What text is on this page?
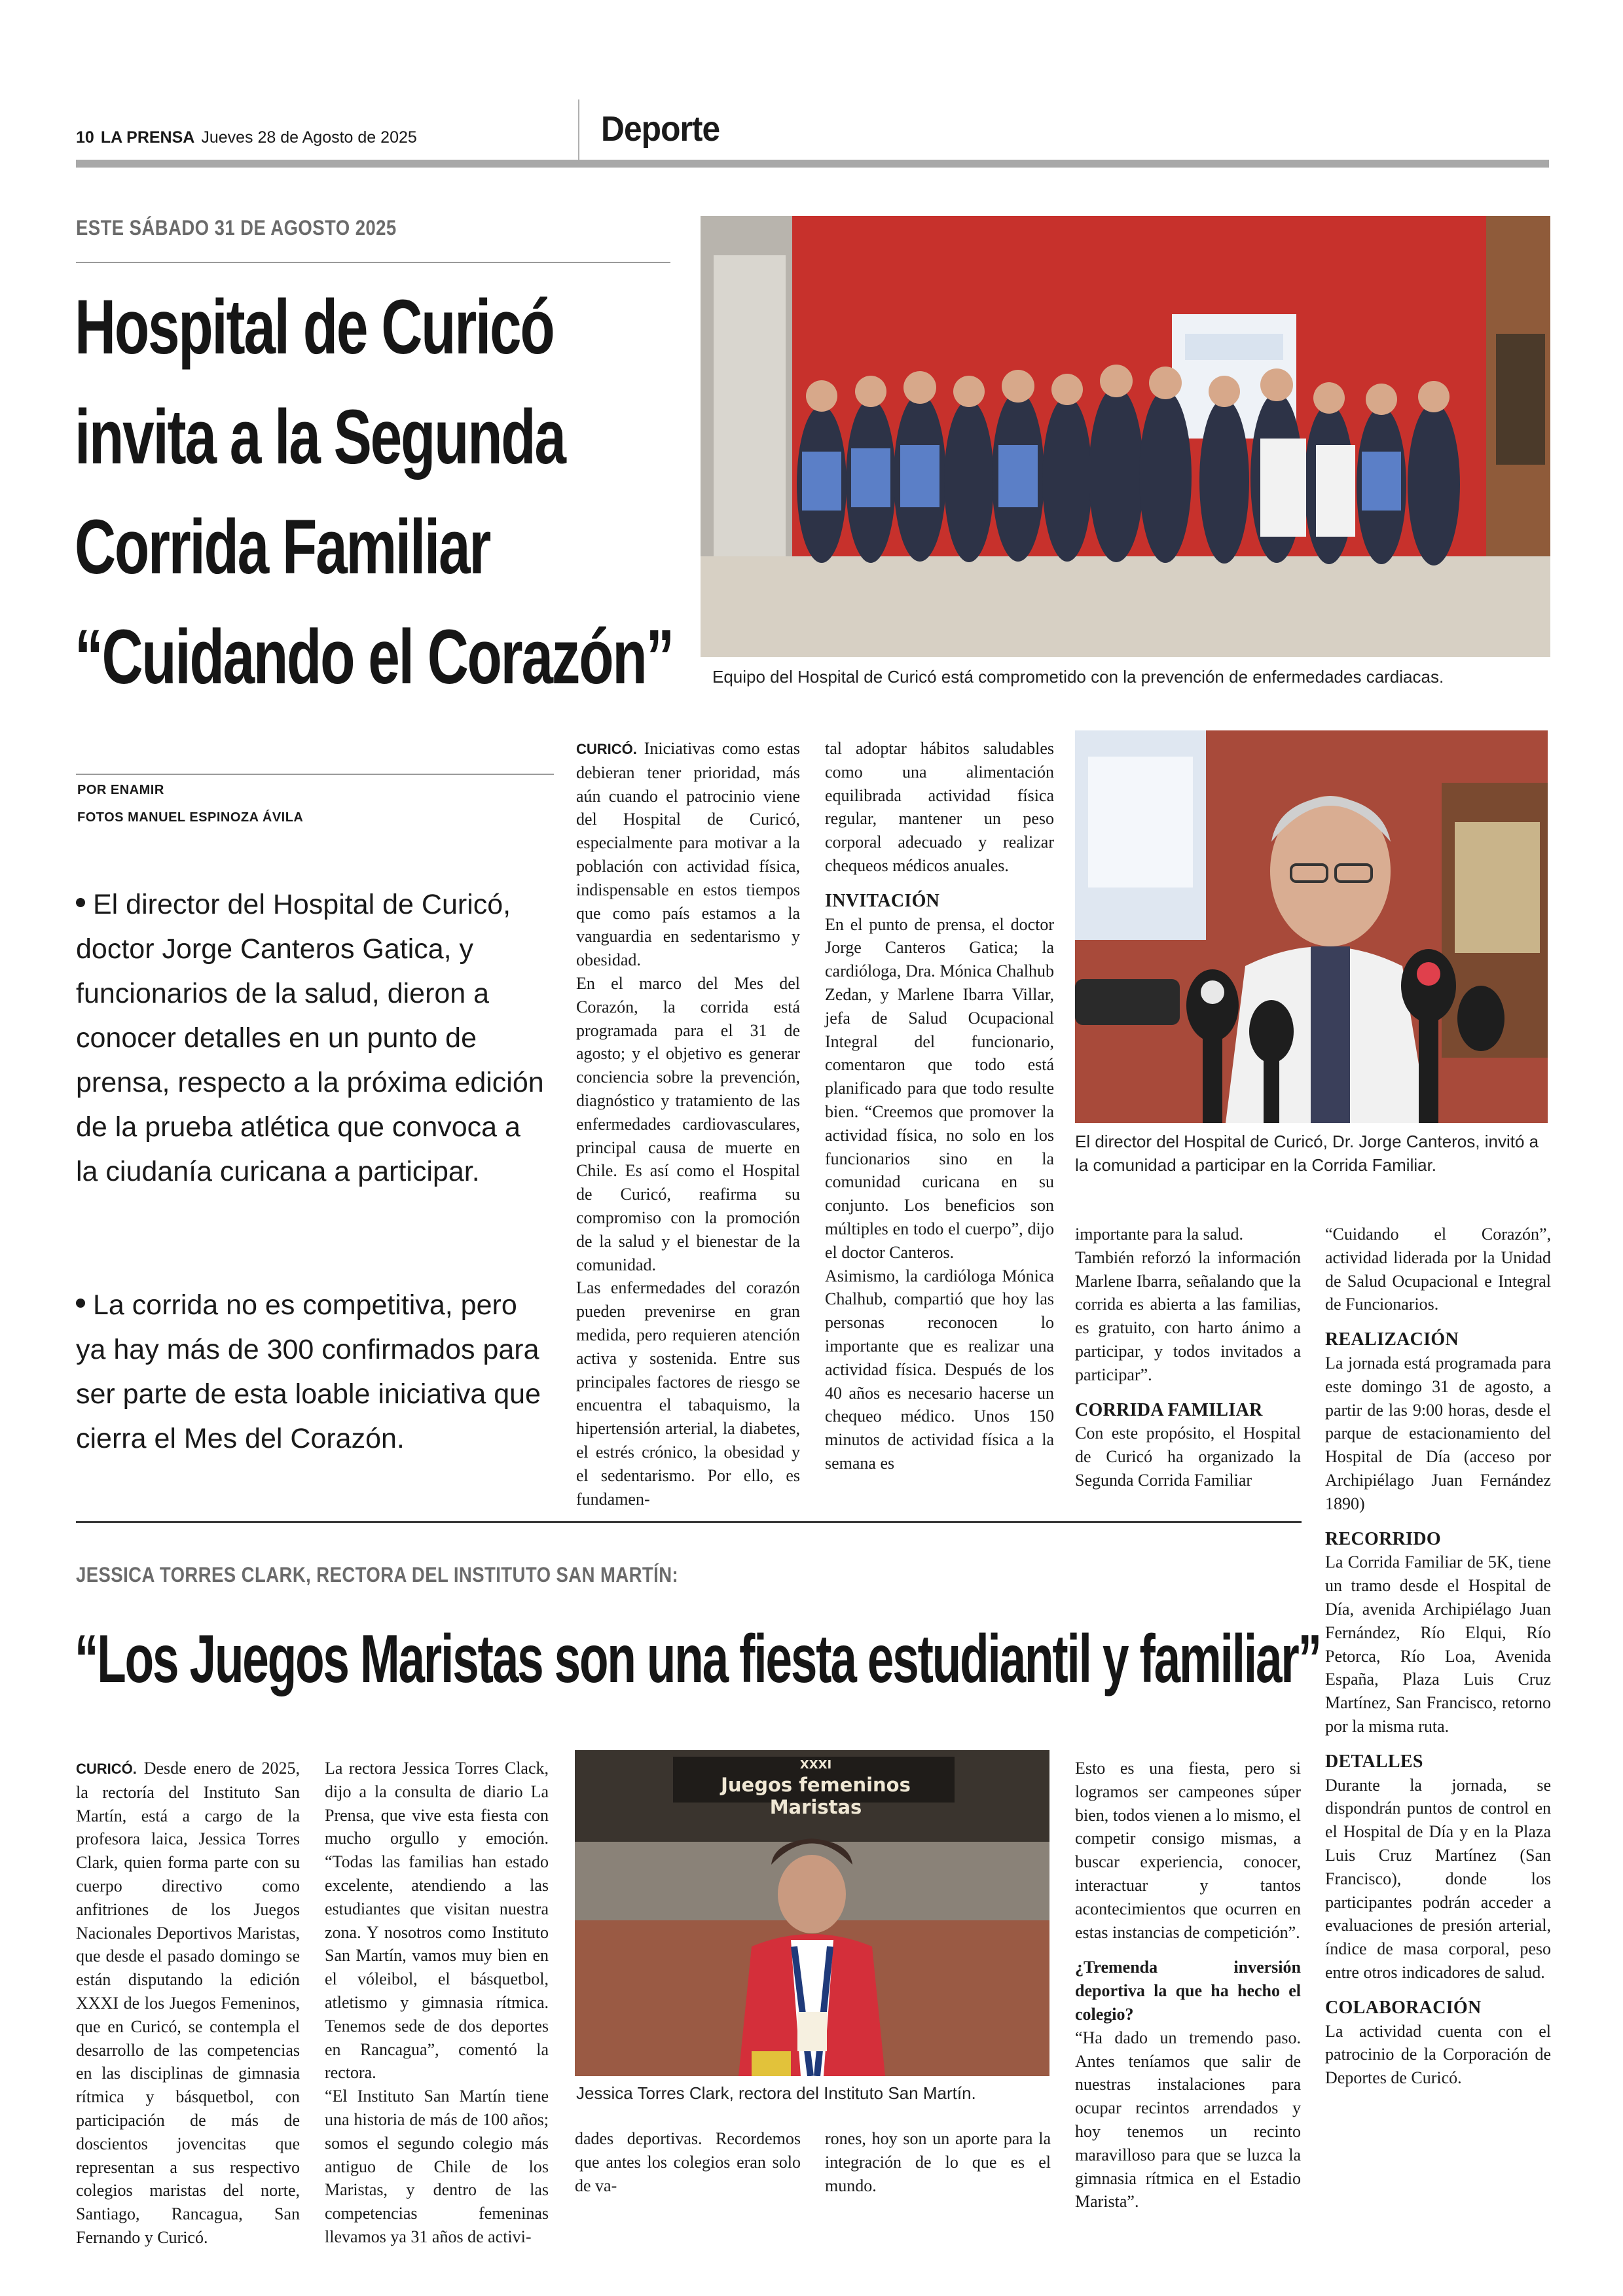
10 LA PRENSA Jueves 28 de Agosto de 2025	Deporte
ESTE SÁBADO 31 DE AGOSTO 2025
Hospital de Curicó
invita a la Segunda
Corrida Familiar
“Cuidando el Corazón” Equipo del Hospital de Curicó está comprometido con la prevención de enfermedades cardiacas.
POR ENAMIR
FOTOS MANUEL ESPINOZA ÁVILA
El director del Hospital de Curicó, doctor Jorge Canteros Gatica, y funcionarios de la salud, dieron a conocer detalles en un punto de prensa, respecto a la próxima edición de la prueba atlética que convoca a la ciudanía curicana a participar.
La corrida no es competitiva, pero ya hay más de 300 confirmados para ser parte de esta loable iniciativa que cierra el Mes del Corazón.

CURICÓ. Iniciativas como estas debieran tener prioridad, más aún cuando el patrocinio viene del Hospital de Curicó, especialmente para motivar a la población con actividad física, indispensable en estos tiempos que como país estamos a la vanguardia en sedentarismo y obesidad.

En el marco del Mes del Corazón, la corrida está programada para el 31 de agosto; y el objetivo es generar conciencia sobre la prevención, diagnóstico y tratamiento de las enfermedades cardiovasculares, principal causa de muerte en Chile. Es así como el Hospital de Curicó, reafirma su compromiso con la promoción de la salud y el bienestar de la comunidad.

Las enfermedades del corazón pueden prevenirse en gran medida, pero requieren atención activa y sostenida. Entre sus principales factores de riesgo se encuentra el tabaquismo, la hipertensión arterial, la diabetes, el estrés crónico, la obesidad y el sedentarismo. Por ello, es fundamen-

tal adoptar hábitos saludables como una alimentación equilibrada actividad física regular, mantener un peso corporal adecuado y realizar chequeos médicos anuales.

INVITACIÓN

En el punto de prensa, el doctor Jorge Canteros Gatica; la cardióloga, Dra. Mónica Chalhub Zedan, y Marlene Ibarra Villar, jefa de Salud Ocupacional Integral del funcionario, comentaron que todo está planificado para que todo resulte bien. “Creemos que promover la actividad física, no solo en los funcionarios sino en la comunidad curicana en su conjunto. Los beneficios son múltiples en todo el cuerpo”, dijo el doctor Canteros.

Asimismo, la cardióloga Mónica Chalhub, compartió que hoy las personas reconocen lo importante que es realizar una actividad física. Después de los 40 años es necesario hacerse un chequeo médico. Unos 150 minutos de actividad física a la semana es

El director del Hospital de Curicó, Dr. Jorge Canteros, invitó a la comunidad a participar en la Corrida Familiar.

importante para la salud.

También reforzó la información Marlene Ibarra, señalando que la corrida es abierta a las familias, es gratuito, con harto ánimo a participar, y todos invitados a participar”.

CORRIDA FAMILIAR

Con este propósito, el Hospital de Curicó ha organizado la Segunda Corrida Familiar

“Cuidando el Corazón”, actividad liderada por la Unidad de Salud Ocupacional e Integral de Funcionarios.

REALIZACIÓN

La jornada está programada para este domingo 31 de agosto, a partir de las 9:00 horas, desde el parque de estacionamiento del Hospital de Día (acceso por Archipiélago Juan Fernández 1890)

RECORRIDO

La Corrida Familiar de 5K, tiene un tramo desde el Hospital de Día, avenida Archipiélago Juan Fernández, Río Elqui, Río Petorca, Río Loa, Avenida España, Plaza Luis Cruz Martínez, San Francisco, retorno por la misma ruta.

DETALLES

Durante la jornada, se dispondrán puntos de control en el Hospital de Día y en la Plaza Luis Cruz Martínez (San Francisco), donde los participantes podrán acceder a evaluaciones de presión arterial, índice de masa corporal, peso entre otros indicadores de salud.

COLABORACIÓN

La actividad cuenta con el patrocinio de la Corporación de Deportes de Curicó.

JESSICA TORRES CLARK, RECTORA DEL INSTITUTO SAN MARTÍN:
“Los Juegos Maristas son una fiesta estudiantil y familiar”

CURICÓ. Desde enero de 2025, la rectoría del Instituto San Martín, está a cargo de la profesora laica, Jessica Torres Clark, quien forma parte con su cuerpo directivo como anfitriones de los Juegos Nacionales Deportivos Maristas, que desde el pasado domingo se están disputando la edición XXXI de los Juegos Femeninos, que en Curicó, se contempla el desarrollo de las competencias en las disciplinas de gimnasia rítmica y básquetbol, con participación de más de doscientos jovencitas que representan a sus respectivo colegios maristas del norte, Santiago, Rancagua, San Fernando y Curicó.

La rectora Jessica Torres Clack, dijo a la consulta de diario La Prensa, que vive esta fiesta con mucho orgullo y emoción. “Todas las familias han estado excelente, atendiendo a las estudiantes que visitan nuestra zona. Y nosotros como Instituto San Martín, vamos muy bien en el vóleibol, el básquetbol, atletismo y gimnasia rítmica. Tenemos sede de dos deportes en Rancagua”, comentó la rectora.

“El Instituto San Martín tiene una historia de más de 100 años; somos el segundo colegio más antiguo de Chile de los Maristas, y dentro de las competencias femeninas llevamos ya 31 años de activi-

XXXI
Juegos femeninos Maristas
Jessica Torres Clark, rectora del Instituto San Martín.

dades deportivas. Recordemos que antes los colegios eran solo de va-

rones, hoy son un aporte para la integración de lo que es el mundo.

Esto es una fiesta, pero si logramos ser campeones súper bien, todos vienen a lo mismo, el competir consigo mismas, a buscar experiencia, conocer, interactuar y tantos acontecimientos que ocurren en estas instancias de competición”.

¿Tremenda inversión deportiva la que ha hecho el colegio?

“Ha dado un tremendo paso. Antes teníamos que salir de nuestras instalaciones para ocupar recintos arrendados y hoy tenemos un recinto maravilloso para que se luzca la gimnasia rítmica en el Estadio Marista”.
